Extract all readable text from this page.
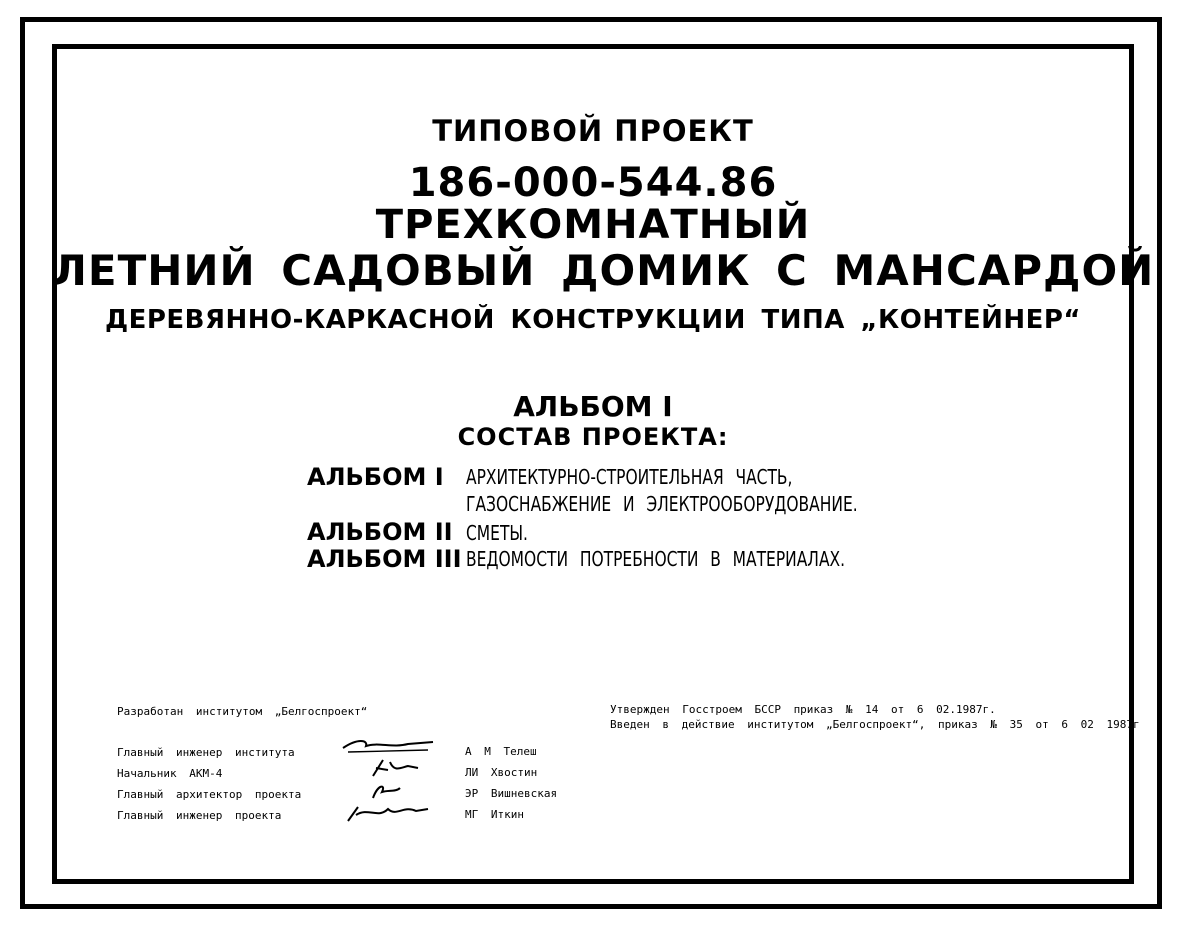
ТИПОВОЙ ПРОЕКТ
186-000-544.86
ТРЕХКОМНАТНЫЙ
ЛЕТНИЙ САДОВЫЙ ДОМИК С МАНСАРДОЙ
ДЕРЕВЯННО-КАРКАСНОЙ КОНСТРУКЦИИ ТИПА „КОНТЕЙНЕР“
АЛЬБОМ I
СОСТАВ ПРОЕКТА:
АЛЬБОМ I АРХИТЕКТУРНО-СТРОИТЕЛЬНАЯ ЧАСТЬ,
ГАЗОСНАБЖЕНИЕ И ЭЛЕКТРООБОРУДОВАНИЕ.
АЛЬБОМ II СМЕТЫ.
АЛЬБОМ III ВЕДОМОСТИ ПОТРЕБНОСТИ В МАТЕРИАЛАХ.
Разработан институтом „Белгоспроект“	Утвержден Госстроем БССР приказ № 14 от 6 02.1987г.
Введен в действие институтом „Белгоспроект“, приказ № 35 от 6 02 1987г
Главный инженер института
Начальник АКМ-4
Главный архитектор проекта
Главный инженер проекта
А М Телеш
ЛИ Хвостин
ЭР Вишневская
МГ Иткин
